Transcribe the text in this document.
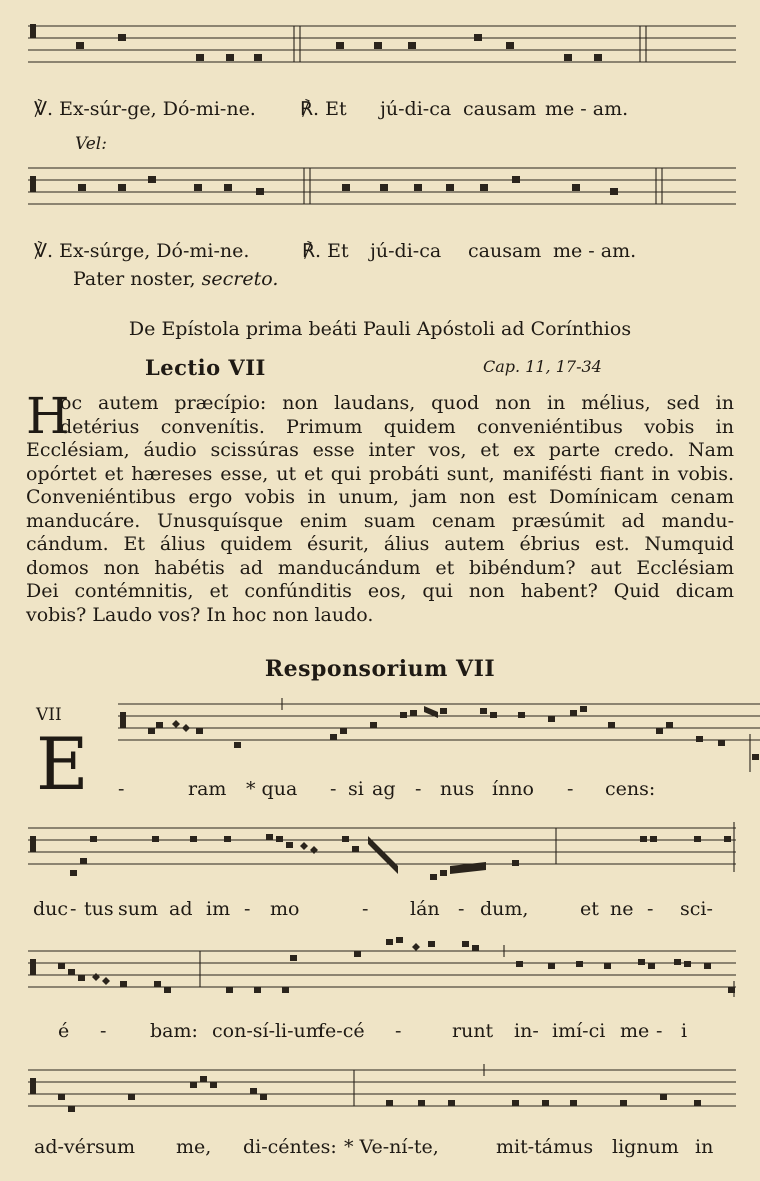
℣. Ex-súr-ge, Dó-mi-ne. ℟. Et jú-di-ca causam me - am.
Vel:
℣. Ex-súrge, Dó-mi-ne.	℟. Et jú-di-ca causam me - am.
Pater noster, secreto.
De Epístola prima beáti Pauli Apóstoli ad Corínthios
Lectio VII	Cap. 11, 17-34
H
oc autem præcípio: non laudans, quod non in mélius, sed in
detérius convenítis. Primum quidem conveniéntibus vobis in
Ecclésiam, áudio scissúras esse inter vos, et ex parte credo. Nam
opórtet et hæreses esse, ut et qui probáti sunt, manifésti fiant in vobis.
Conveniéntibus ergo vobis in unum, jam non est Domínicam cenam
manducáre. Unusquísque enim suam cenam præsúmit ad mandu-
cándum. Et álius quidem ésurit, álius autem ébrius est. Numquid
domos non habétis ad manducándum et bibéndum? aut Ecclésiam
Dei contémnitis, et confúnditis eos, qui non habent? Quid dicam
vobis? Laudo vos? In hoc non laudo.
Responsorium VII
VII
E -	ram * qua - si ag - nus ínno - cens:
duc - tus sum ad im - mo	- lán - dum,	et ne - sci-
é - bam: con-sí-li-um
fe-cé -	runt in- imí-ci me - i
ad-vérsum me, di-céntes: * Ve-ní-te,	mit-támus lignum in
